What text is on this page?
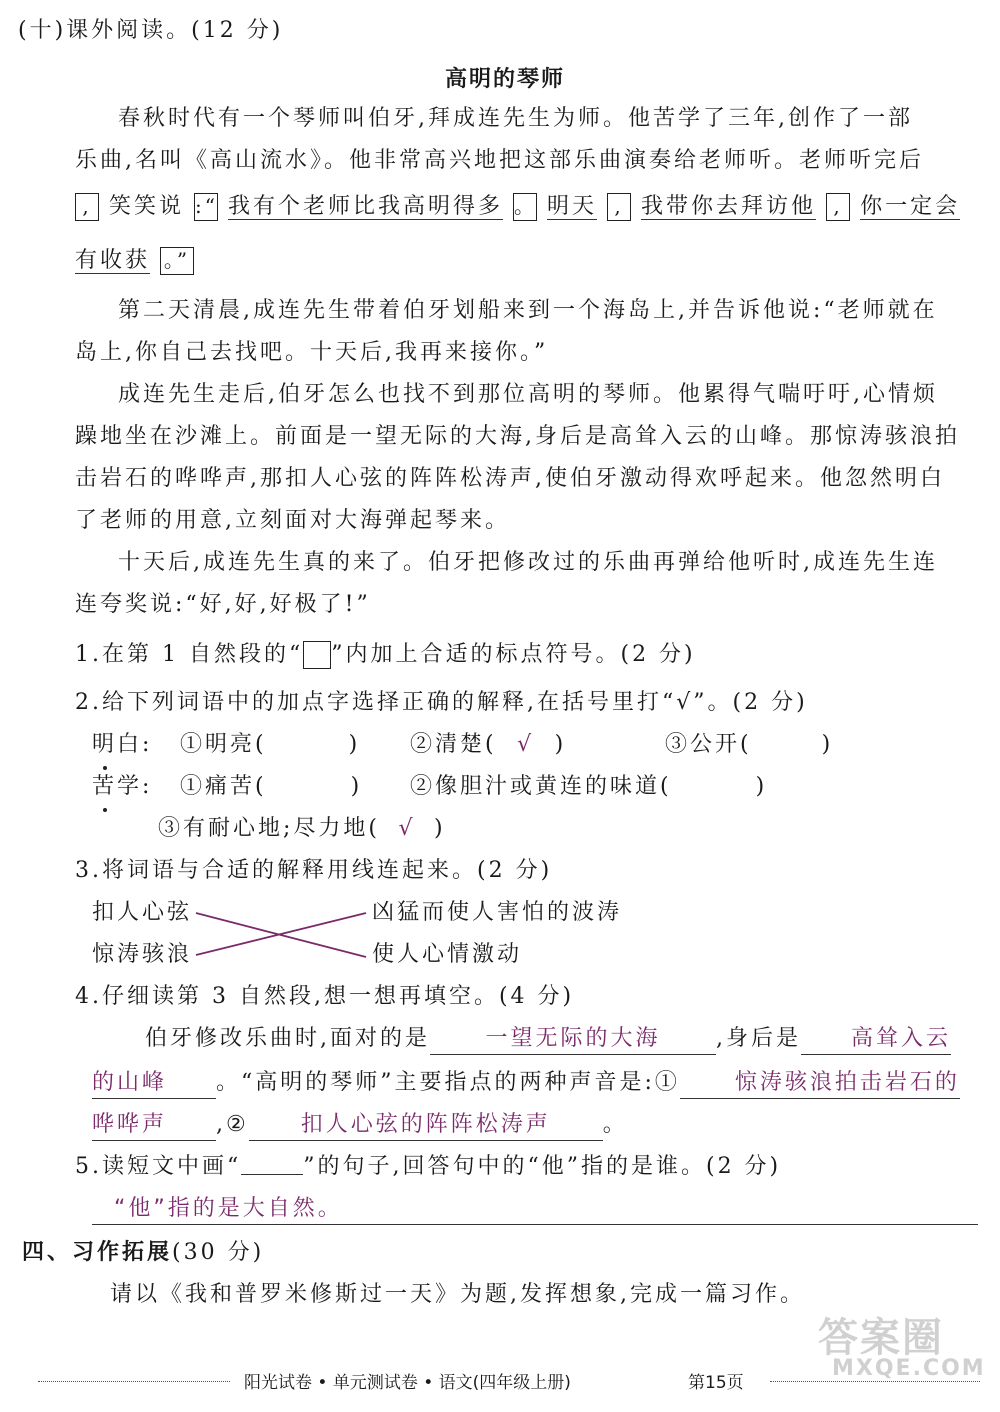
(十)课外阅读。(12 分)
高明的琴师
春秋时代有一个琴师叫伯牙,拜成连先生为师。他苦学了三年,创作了一部
乐曲,名叫《高山流水》。他非常高兴地把这部乐曲演奏给老师听。老师听完后
, 笑笑说 :“ 我有个老师比我高明得多 。 明天 , 我带你去拜访他 , 你一定会
有收获 。”
第二天清晨,成连先生带着伯牙划船来到一个海岛上,并告诉他说:“老师就在
岛上,你自己去找吧。十天后,我再来接你。”
成连先生走后,伯牙怎么也找不到那位高明的琴师。他累得气喘吁吁,心情烦
躁地坐在沙滩上。前面是一望无际的大海,身后是高耸入云的山峰。那惊涛骇浪拍
击岩石的哗哗声,那扣人心弦的阵阵松涛声,使伯牙激动得欢呼起来。他忽然明白
了老师的用意,立刻面对大海弹起琴来。
十天后,成连先生真的来了。伯牙把修改过的乐曲再弹给他听时,成连先生连
连夸奖说:“好,好,好极了!”
1.在第 1 自然段的“ ”内加上合适的标点符号。(2 分)
2.给下列词语中的加点字选择正确的解释,在括号里打“√”。(2 分)
明白: ①明亮(	) ②清楚( √ )	③公开(	)
苦学: ①痛苦(	) ②像胆汁或黄连的味道(	)
③有耐心地;尽力地( √ )
3.将词语与合适的解释用线连起来。(2 分)
扣人心弦
惊涛骇浪
凶猛而使人害怕的波涛
使人心情激动
4.仔细读第 3 自然段,想一想再填空。(4 分)
伯牙修改乐曲时,面对的是	一望无际的大海	,身后是 高耸入云
的山峰 。“高明的琴师”主要指点的两种声音是:① 惊涛骇浪拍击岩石的
哗哗声 ,② 扣人心弦的阵阵松涛声 。
5.读短文中画“	”的句子,回答句中的“他”指的是谁。(2 分)
“他”指的是大自然。
四、习作拓展(30 分)
请以《我和普罗米修斯过一天》为题,发挥想象,完成一篇习作。
答案圈
MXQE.COM
阳光试卷 • 单元测试卷 • 语文(四年级上册)	第15页
